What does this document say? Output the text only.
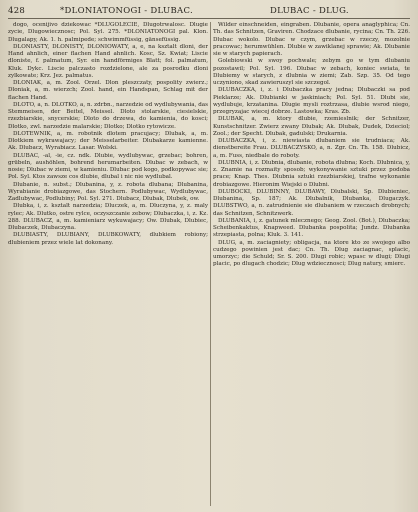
428	*DLONIATONOGI - DLUBAC.	DLUBAC - DLUG.

dogo, ocenijivo dziekowac *DLUGOLECIE, Dlugotrwalosc. Dlugie zycie, Dlugowiecznosc; Pol. Syl. 275. *DLONIATONOGI pal. Klon. Dlugalapy, Ak. 1. h. palmipede; schwimmfüssig, gänsefüssig.

DLONIASTY, DLONISTY, DLONIOWATY, a, e, na ksztalt dloni, der Hand ahnlich, einer flachen Hand ahnlich. Kosc, Sz. Kwiat; Liscie dloniste, f. palmatum, Syr. ein handförmiges Blatt; fol. palmatum, Kluk. Dykc. Liscie palczasto rozdzielone, ale za posrodku dloni zylkowate; Krz. Jez. palmatus.

DLONIAK, a, m. Zool. Orzel. Dlon pleszczaty, pospolity zwierz.; Dloniak, a, m. wierzch; Zool. hand, ein Handspan, Schlag mit der flachen Hand.

DLOTO, a, n. DLOTKO, a, n. zdrbn., narzedzie od wydlubywania, das Stemmeisen, der Beitel, Meissel. Dloto stolarskie, ciesielskie, rzezbiarskie, snycerskie; Dloto do drzewa, do kamienia, do kosci; Dlotko, zwl. narzedzie malarskie; Dlotko; Dlotko rytowicze.

DLOTEWNIK, a, m. robotnik dlotem pracujacy; Dlubak, a, m. Dlotkiem wykrawajacy; der Meisselarbeiter. Dlubakarze kamienne. Ak. Dlubacz, Wyrabiacz. Lasar. Wolski.

DLUBAC, -al, -ie, cz. ndk. Dlubie, wydlubywac, grzebac; bohren, grübeln, aushöhlen, bohrend herumarbeiten. Dlubac w zebach, w nosie; Dlubac w ziemi, w kamieniu. Dlubac pod kogo, podkopywac sie; Pol. Syl. Ktos zawsze cos dlubie, dlubal i nic nie wydlubal.

Dlubanie, n. subst.; Dlubanina, y, z. robota dlubana; Dlubanina, Wyrabianie drobiazgowe, das Stochern. Podlubywac, Wydlubywac, Zadlubywac, Podlubiny; Pol. Syl. 271. Dlubacz, Dlubak, Dlubek, ow.

Dlubka, i, z. ksztalt narzedzia; Dluczek, a, m. Dluczyna, y, z. maly rylec; Ak. Dlutko, ostre rylce, oczyszczanie zebow; Dlubaczka, i, z. Kz. 288. DLUBACZ, a, m. kamieniarz wykuwajacy; Ow. Dlubak, Dlubiec, Dlubaczek, Dlubaczyna.

DLUBIASTY, DLUBIANY, DLUBKOWATY, dlubkiem robiony; dlubieniem przez wiele lat dokonany.

Wilder einschneiden, eingraben. Dlubanie, opera anaglyphica; Cn. Th. das Schnitzen, Graviren. Chodzace dlubanie, rycina; Cn. Th. 226. Dlubac wokolo. Dlubac w czym, grzebac w rzeczy, mozolnie pracowac; herumwühlen. Dlubie w zawiklanej sprawie; Ak. Dlubanie sie w starych papierach.

Golebiowski w swoy pochwale; zebym go w tym dlubaniu pozostawil; Pol. Syl. 196. Dlubac w zebach, koniec swiata, te Dlubiemy w starych, z dlubnia w ziemi; Zab. Szp. 35. Od tego uczyniono, skad zawieruszyl sie szczegol.

DLUBACZKA, i, z. i Dlubaczka pracy jedna; Dlubaczki sa pod Pieklarze; Ak. Dlubianki w jaskiniach; Pol. Syl. 51. Dlubi sie, wydlubuje, krzatanina. Dlugie mysli roztrzasa, dlubie wsrod niego, przegryzajac wiecej dobrze. Lastowka; Kras. Zb.

DLUBAK, a, m. ktory dlubie, rzemieslnik; der Schnitzer, Kunstschnitzer. Zwierz zwany Dlubak; Ak. Dlubak, Dudek, Dzieciol; Zool.; der Specht. Dlubak, gadulski; Drukarnia.

DLUBACZKA, i, z. niewiasta dlubaniem sie trudniaca; Ak. dienstbereite Frau. DLUBACZYSKO, a, n. Zgr. Cn. Th. 158. Dlubicz, a, m. Fuss, niedbale do roboty.

DLUBNIA, i, z. Dlubnia, dlubanie, robota dlubna; Koch. Dlubnica, y, z. Znamie na rozmaity sposob; wykonywanie sztuki przez podoba prace; Knap. Thes. Dlubnia sztuki rzezbiarskiej, trafne wykonanie drobiazgowe. Hieronim Wiejski o Dlubni.

DLUBOCKI, DLUBINNY, DLUBAWY, Dlubalski, Sp. Dlubieniec, Dlubanina, Sp. 187; Ak. Dlubalnik, Dlubanka, Dlugaczyk. DLUBSTWO, a, n. zatrudnienie sie dlubaniem w rzeczach drobnych; das Schnitzen, Schnitzwerk.

DLUBANIA, i, z. gatunek mlecznego; Geog. Zool. (Bot.), Dlubaczka; Scheibenkaktus, Knapweed. Dlubanka pospolita; Jundz. Dlubanka strzepiasta, polna; Kluk. 3. 141.

DLUG, a, m. zaciagniety; obligacja, na ktore kto ze swojego albo cudzego powinien jest dac; Cn. Th. Dlug zaciagnac, splacic, umorzyc; die Schuld; Sr. S. 200. Dlugi robic; wpasc w dlugi; Dlugi placic, po dlugach chodzic; Dlug wdziecznosci; Dlug natury, smierc.
